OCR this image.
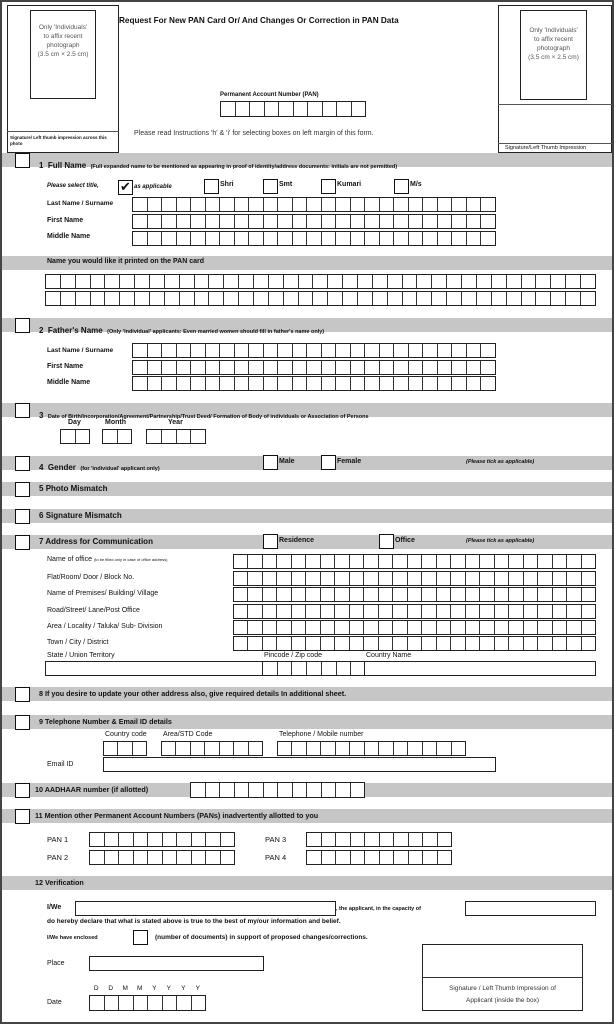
Only 'Individuals'
to affix recent
photograph
(3.5 cm × 2.5 cm)
Signature/ Left thumb impression across this photo
Request For New PAN Card Or/ And Changes Or Correction in PAN Data
Permanent Account Number (PAN)
Please read Instructions 'h' & 'i' for selecting boxes on left margin of this form.
Only 'Individuals'
to affix recent
photograph
(3.5 cm × 2.5 cm)
Signature/Left Thumb Impression
1 Full Name (Full expanded name to be mentioned as appearing in proof of identity/address documents: initials are not permitted)
Please select title, ✔ as applicable	Shri	Smt	Kumari	M/s
Last Name / Surname
First Name
Middle Name
Name you would like it printed on the PAN card
2 Father's Name (Only 'Individual' applicants: Even married women should fill in father's name only)
Last Name / Surname
First Name
Middle Name
3 Date of Birth/Incorporation/Agreement/Partnership/Trust Deed/ Formation of Body of individuals or Association of Persons
Day	Month	Year
4 Gender (for 'individual' applicant only)
Male	Female	(Please tick as applicable)
5 Photo Mismatch
6 Signature Mismatch
7 Address for Communication	Residence	Office	(Please tick as applicable)
Name of office (to be filled only in case of office address)
Flat/Room/ Door / Block No.
Name of Premises/ Building/ Village
Road/Street/ Lane/Post Office
Area / Locality / Taluka/ Sub- Division
Town / City / District
State / Union Territory	Pincode / Zip code	Country Name
8 If you desire to update your other address also, give required details In additional sheet.
9 Telephone Number & Email ID details
Country code Area/STD Code	Telephone / Mobile number
Email ID
10 AADHAAR number (if allotted)
11 Mention other Permanent Account Numbers (PANs) inadvertently allotted to you
PAN 1
PAN 2
PAN 3
PAN 4
12 Verification
I/We	, the applicant, in the capacity of
do hereby declare that what is stated above is true to the best of my/our information and belief.
I/We have enclosed	(number of documents) in support of proposed changes/corrections.
Place
D	D	M	M	Y	Y	Y	Y
Date
Signature / Left Thumb Impression of
Applicant (inside the box)
